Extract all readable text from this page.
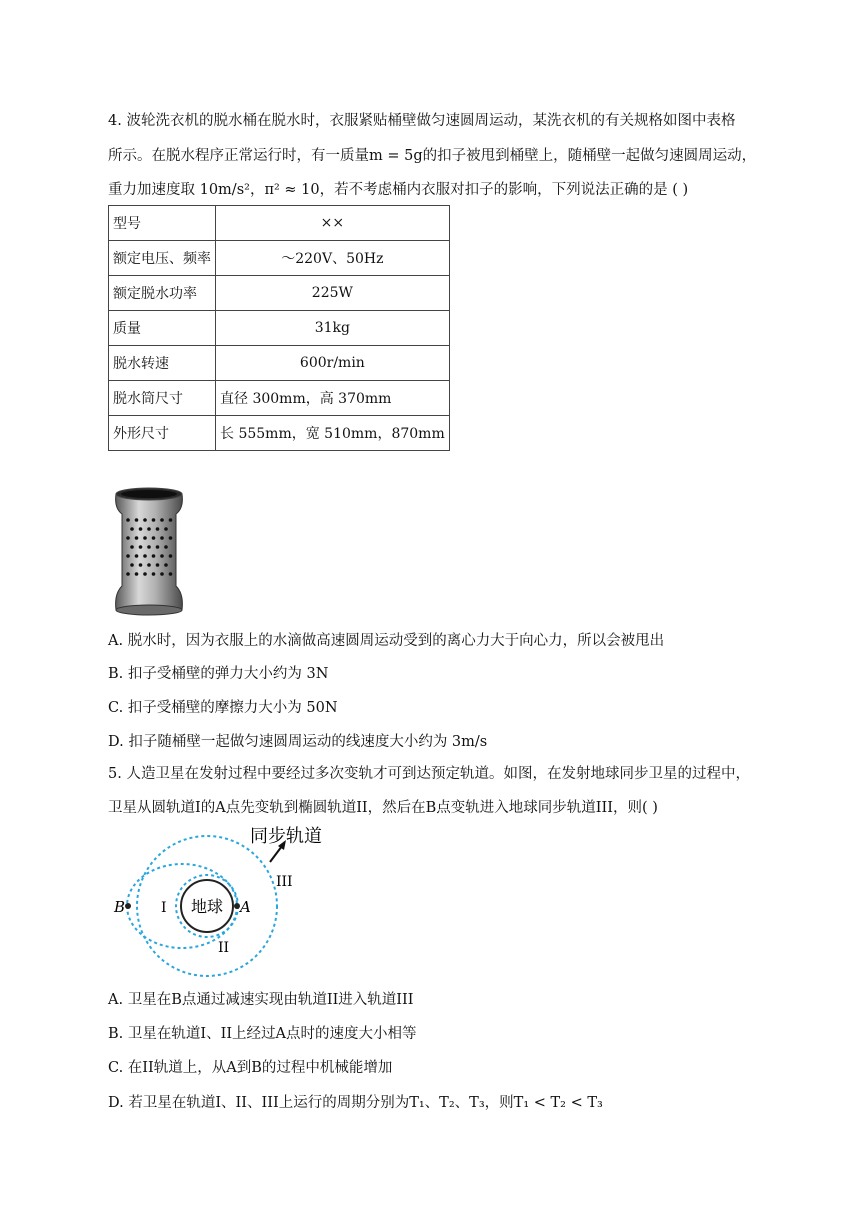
4. 波轮洗衣机的脱水桶在脱水时，衣服紧贴桶壁做匀速圆周运动，某洗衣机的有关规格如图中表格
所示。在脱水程序正常运行时，有一质量m = 5g的扣子被甩到桶壁上，随桶壁一起做匀速圆周运动，
重力加速度取 10m/s²，π² ≈ 10，若不考虑桶内衣服对扣子的影响，下列说法正确的是 ( )
型号	××
额定电压、频率	～220V、50Hz
额定脱水功率	225W
质量	31kg
脱水转速	600r/min
脱水筒尺寸	直径 300mm，高 370mm
外形尺寸	长 555mm，宽 510mm，870mm
A. 脱水时，因为衣服上的水滴做高速圆周运动受到的离心力大于向心力，所以会被甩出
B. 扣子受桶壁的弹力大小约为 3N
C. 扣子受桶壁的摩擦力大小为 50N
D. 扣子随桶壁一起做匀速圆周运动的线速度大小约为 3m/s
5. 人造卫星在发射过程中要经过多次变轨才可到达预定轨道。如图，在发射地球同步卫星的过程中，
卫星从圆轨道I的A点先变轨到椭圆轨道II，然后在B点变轨进入地球同步轨道III，则( )
地球
B	A
I
II
III
同步轨道
A. 卫星在B点通过减速实现由轨道II进入轨道III
B. 卫星在轨道I、II上经过A点时的速度大小相等
C. 在II轨道上，从A到B的过程中机械能增加
D. 若卫星在轨道I、II、III上运行的周期分别为T₁、T₂、T₃，则T₁ < T₂ < T₃
